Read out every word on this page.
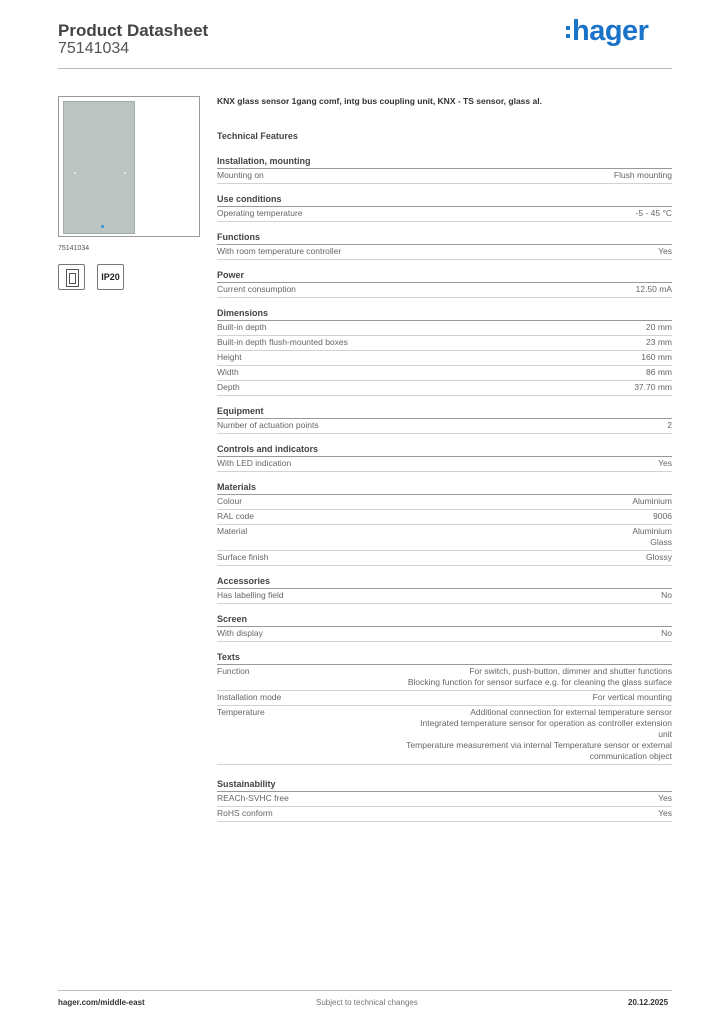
Product Datasheet
75141034
hager
75141034
IP20
KNX glass sensor 1gang comf, intg bus coupling unit, KNX - TS sensor, glass al.
Technical Features
Installation, mounting
Mounting on	Flush mounting
Use conditions
Operating temperature	-5 - 45 °C
Functions
With room temperature controller	Yes
Power
Current consumption	12.50 mA
Dimensions
Built-in depth	20 mm
Built-in depth flush-mounted boxes	23 mm
Height	160 mm
Width	86 mm
Depth	37.70 mm
Equipment
Number of actuation points	2
Controls and indicators
With LED indication	Yes
Materials
Colour	Aluminium
RAL code	9006
Material	Aluminium
Glass
Surface finish	Glossy
Accessories
Has labelling field	No
Screen
With display	No
Texts
Function	For switch, push-button, dimmer and shutter functions
Blocking function for sensor surface e.g. for cleaning the glass surface
Installation mode	For vertical mounting
Temperature	Additional connection for external temperature sensor
Integrated temperature sensor for operation as controller extension
unit
Temperature measurement via internal Temperature sensor or external
communication object
Sustainability
REACh-SVHC free	Yes
RoHS conform	Yes
hager.com/middle-east	Subject to technical changes	20.12.2025
